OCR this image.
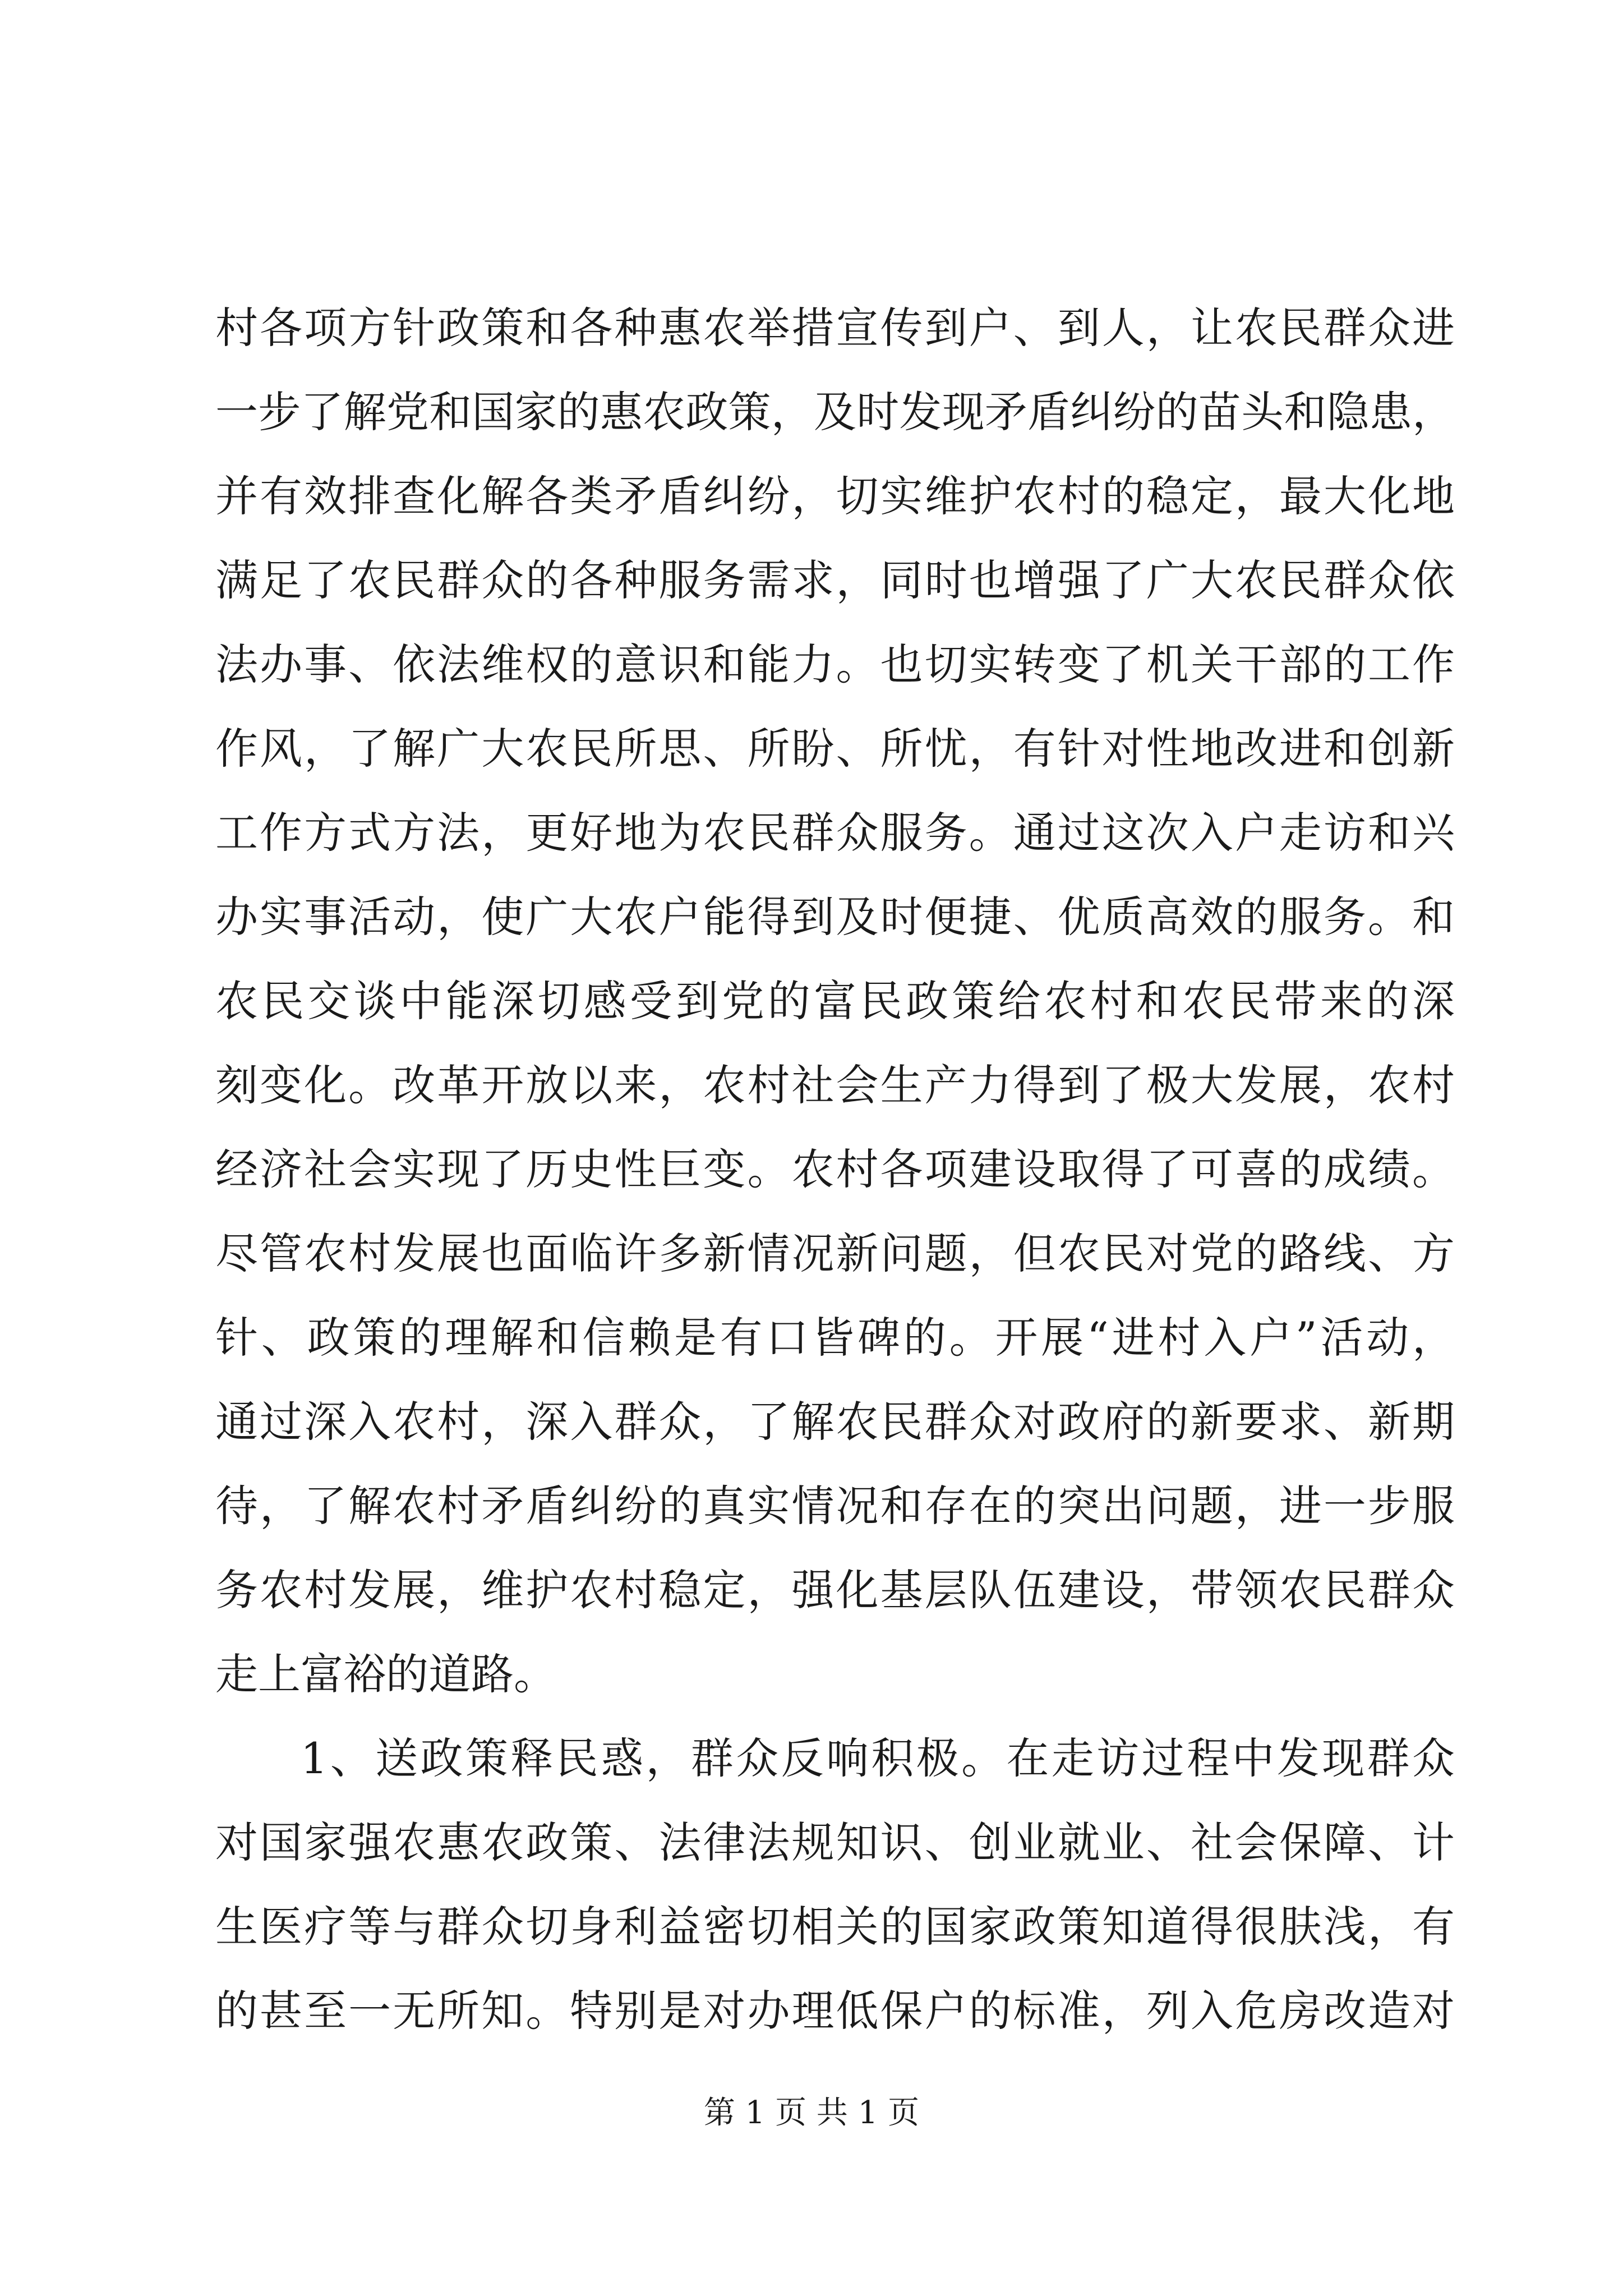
村各项方针政策和各种惠农举措宣传到户、到人，让农民群众进
一步了解党和国家的惠农政策，及时发现矛盾纠纷的苗头和隐患，
并有效排查化解各类矛盾纠纷，切实维护农村的稳定，最大化地
满足了农民群众的各种服务需求，同时也增强了广大农民群众依
法办事、依法维权的意识和能力。也切实转变了机关干部的工作
作风，了解广大农民所思、所盼、所忧，有针对性地改进和创新
工作方式方法，更好地为农民群众服务。通过这次入户走访和兴
办实事活动，使广大农户能得到及时便捷、优质高效的服务。和
农民交谈中能深切感受到党的富民政策给农村和农民带来的深
刻变化。改革开放以来，农村社会生产力得到了极大发展，农村
经济社会实现了历史性巨变。农村各项建设取得了可喜的成绩。
尽管农村发展也面临许多新情况新问题，但农民对党的路线、方
针、政策的理解和信赖是有口皆碑的。开展“进村入户”活动，
通过深入农村，深入群众，了解农民群众对政府的新要求、新期
待，了解农村矛盾纠纷的真实情况和存在的突出问题，进一步服
务农村发展，维护农村稳定，强化基层队伍建设，带领农民群众
走上富裕的道路。
1、送政策释民惑，群众反响积极。在走访过程中发现群众
对国家强农惠农政策、法律法规知识、创业就业、社会保障、计
生医疗等与群众切身利益密切相关的国家政策知道得很肤浅，有
的甚至一无所知。特别是对办理低保户的标准，列入危房改造对
第 1 页 共 1 页
